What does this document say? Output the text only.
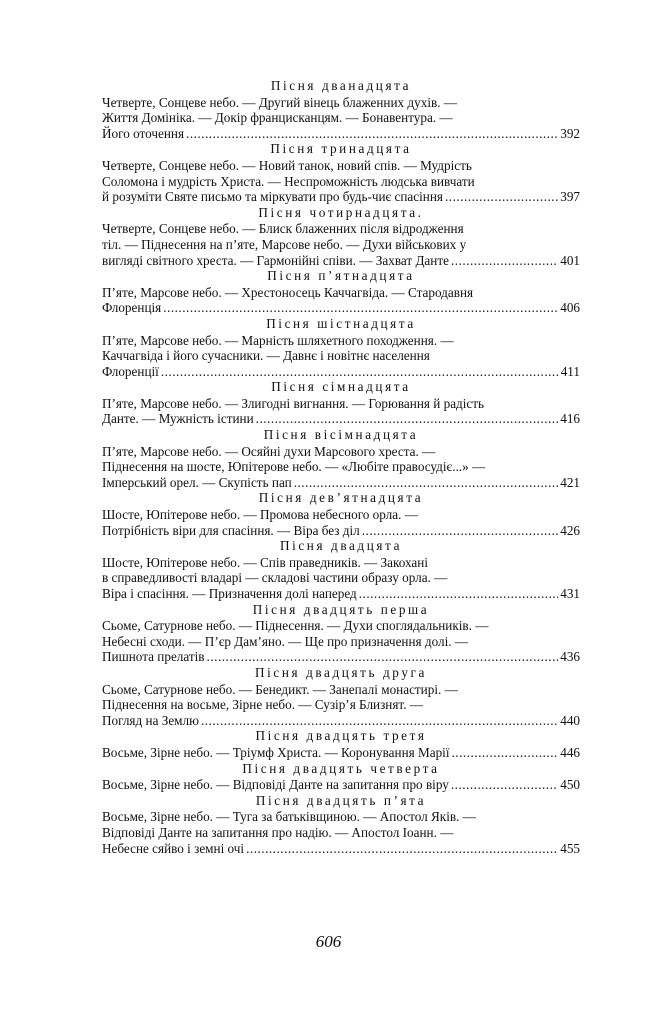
Пісня дванадцята
Четверте, Сонцеве небо. — Другий вінець блаженних духів. —
Життя Домініка. — Докір францисканцям. — Бонавентура. —
Його оточення .....	392
Пісня тринадцята
Четверте, Сонцеве небо. — Новий танок, новий спів. — Мудрість
Соломона і мудрість Христа. — Неспроможність людська вивчати
й розуміти Святе письмо та міркувати про будь-чиє спасіння .....	397
Пісня чотирнадцята.
Четверте, Сонцеве небо. — Блиск блаженних після відродження
тіл. — Піднесення на п’яте, Марсове небо. — Духи військових у
вигляді світного хреста. — Гармонійні співи. — Захват Данте .....	401
Пісня п’ятнадцята
П’яте, Марсове небо. — Хрестоносець Каччагвіда. — Стародавня
Флоренція .....	406
Пісня шістнадцята
П’яте, Марсове небо. — Марність шляхетного походження. —
Каччагвіда і його сучасники. — Давнє і новітнє населення
Флоренції .....	411
Пісня сімнадцята
П’яте, Марсове небо. — Злигодні вигнання. — Горювання й радість
Данте. — Мужність істини .....	416
Пісня вісімнадцята
П’яте, Марсове небо. — Осяйні духи Марсового хреста. —
Піднесення на шосте, Юпітерове небо. — «Любіте правосудіє...» —
Імперський орел. — Скупість пап .....	421
Пісня дев’ятнадцята
Шосте, Юпітерове небо. — Промова небесного орла. —
Потрібність віри для спасіння. — Віра без діл .....	426
Пісня двадцята
Шосте, Юпітерове небо. — Спів праведників. — Закохані
в справедливості владарі — складові частини образу орла. —
Віра і спасіння. — Призначення долі наперед .....	431
Пісня двадцять перша
Сьоме, Сатурнове небо. — Піднесення. — Духи споглядальників. —
Небесні сходи. — П’єр Дам’яно. — Ще про призначення долі. —
Пишнота прелатів .....	436
Пісня двадцять друга
Сьоме, Сатурнове небо. — Бенедикт. — Занепалі монастирі. —
Піднесення на восьме, Зірне небо. — Сузір’я Близнят. —
Погляд на Землю .....	440
Пісня двадцять третя
Восьме, Зірне небо. — Тріумф Христа. — Коронування Марії .....	446
Пісня двадцять четверта
Восьме, Зірне небо. — Відповіді Данте на запитання про віру .....	450
Пісня двадцять п’ята
Восьме, Зірне небо. — Туга за батьківщиною. — Апостол Яків. —
Відповіді Данте на запитання про надію. — Апостол Іоанн. —
Небесне сяйво і земні очі .....	455
606
